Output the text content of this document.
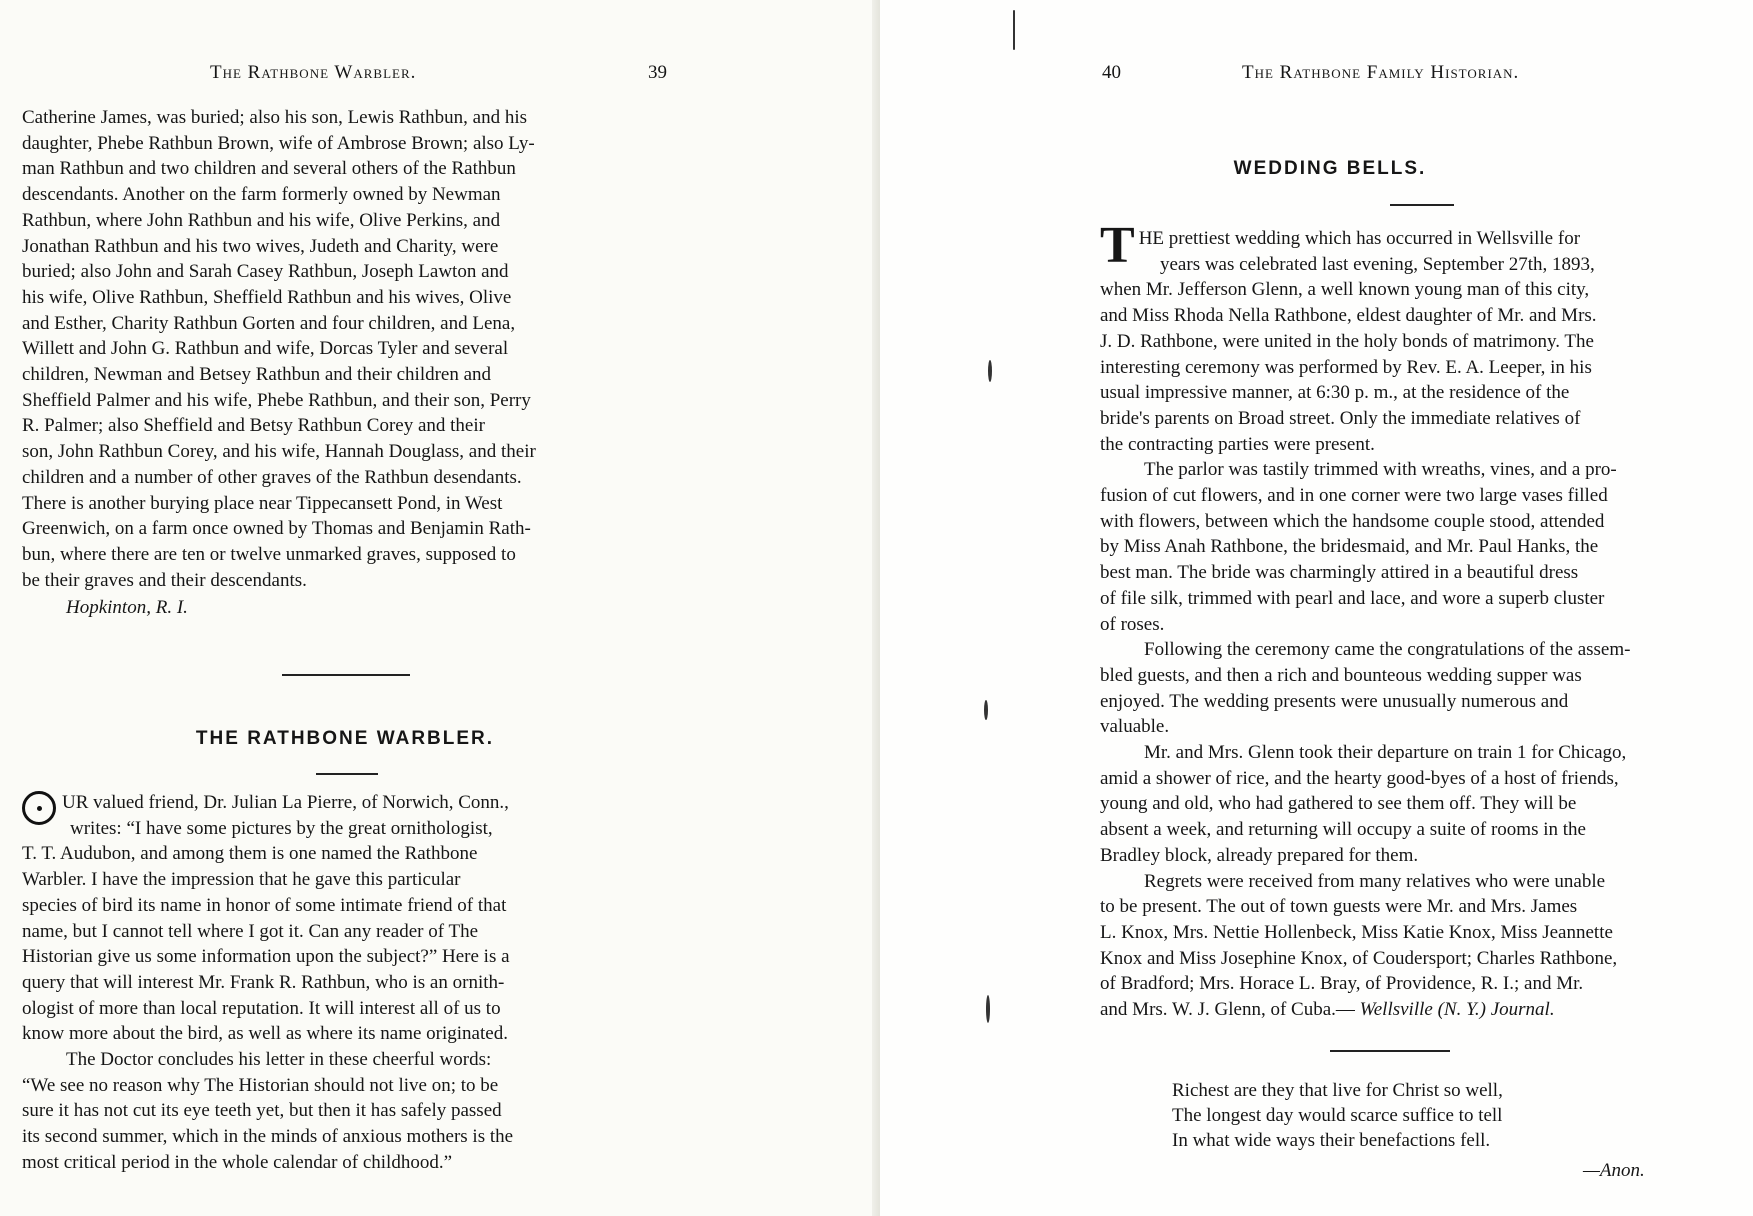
The Rathbone Warbler.	39

Catherine James, was buried; also his son, Lewis Rathbun, and his

daughter, Phebe Rathbun Brown, wife of Ambrose Brown; also Ly-

man Rathbun and two children and several others of the Rathbun

descendants. Another on the farm formerly owned by Newman

Rathbun, where John Rathbun and his wife, Olive Perkins, and

Jonathan Rathbun and his two wives, Judeth and Charity, were

buried; also John and Sarah Casey Rathbun, Joseph Lawton and

his wife, Olive Rathbun, Sheffield Rathbun and his wives, Olive

and Esther, Charity Rathbun Gorten and four children, and Lena,

Willett and John G. Rathbun and wife, Dorcas Tyler and several

children, Newman and Betsey Rathbun and their children and

Sheffield Palmer and his wife, Phebe Rathbun, and their son, Perry

R. Palmer; also Sheffield and Betsy Rathbun Corey and their

son, John Rathbun Corey, and his wife, Hannah Douglass, and their

children and a number of other graves of the Rathbun desendants.

There is another burying place near Tippecansett Pond, in West

Greenwich, on a farm once owned by Thomas and Benjamin Rath-

bun, where there are ten or twelve unmarked graves, supposed to

be their graves and their descendants.

Hopkinton, R. I.

THE RATHBONE WARBLER.

UR valued friend, Dr. Julian La Pierre, of Norwich, Conn.,

writes: “I have some pictures by the great ornithologist,

T. T. Audubon, and among them is one named the Rathbone

Warbler. I have the impression that he gave this particular

species of bird its name in honor of some intimate friend of that

name, but I cannot tell where I got it. Can any reader of The

Historian give us some information upon the subject?” Here is a

query that will interest Mr. Frank R. Rathbun, who is an ornith-

ologist of more than local reputation. It will interest all of us to

know more about the bird, as well as where its name originated.

The Doctor concludes his letter in these cheerful words:

“We see no reason why The Historian should not live on; to be

sure it has not cut its eye teeth yet, but then it has safely passed

its second summer, which in the minds of anxious mothers is the

most critical period in the whole calendar of childhood.”

40	The Rathbone Family Historian.
WEDDING BELLS.

THE prettiest wedding which has occurred in Wellsville for

years was celebrated last evening, September 27th, 1893,

when Mr. Jefferson Glenn, a well known young man of this city,

and Miss Rhoda Nella Rathbone, eldest daughter of Mr. and Mrs.

J. D. Rathbone, were united in the holy bonds of matrimony. The

interesting ceremony was performed by Rev. E. A. Leeper, in his

usual impressive manner, at 6:30 p. m., at the residence of the

bride's parents on Broad street. Only the immediate relatives of

the contracting parties were present.

The parlor was tastily trimmed with wreaths, vines, and a pro-

fusion of cut flowers, and in one corner were two large vases filled

with flowers, between which the handsome couple stood, attended

by Miss Anah Rathbone, the bridesmaid, and Mr. Paul Hanks, the

best man. The bride was charmingly attired in a beautiful dress

of file silk, trimmed with pearl and lace, and wore a superb cluster

of roses.

Following the ceremony came the congratulations of the assem-

bled guests, and then a rich and bounteous wedding supper was

enjoyed. The wedding presents were unusually numerous and

valuable.

Mr. and Mrs. Glenn took their departure on train 1 for Chicago,

amid a shower of rice, and the hearty good-byes of a host of friends,

young and old, who had gathered to see them off. They will be

absent a week, and returning will occupy a suite of rooms in the

Bradley block, already prepared for them.

Regrets were received from many relatives who were unable

to be present. The out of town guests were Mr. and Mrs. James

L. Knox, Mrs. Nettie Hollenbeck, Miss Katie Knox, Miss Jeannette

Knox and Miss Josephine Knox, of Coudersport; Charles Rathbone,

of Bradford; Mrs. Horace L. Bray, of Providence, R. I.; and Mr.

and Mrs. W. J. Glenn, of Cuba.— Wellsville (N. Y.) Journal.

Richest are they that live for Christ so well,

The longest day would scarce suffice to tell

In what wide ways their benefactions fell.

—Anon.
